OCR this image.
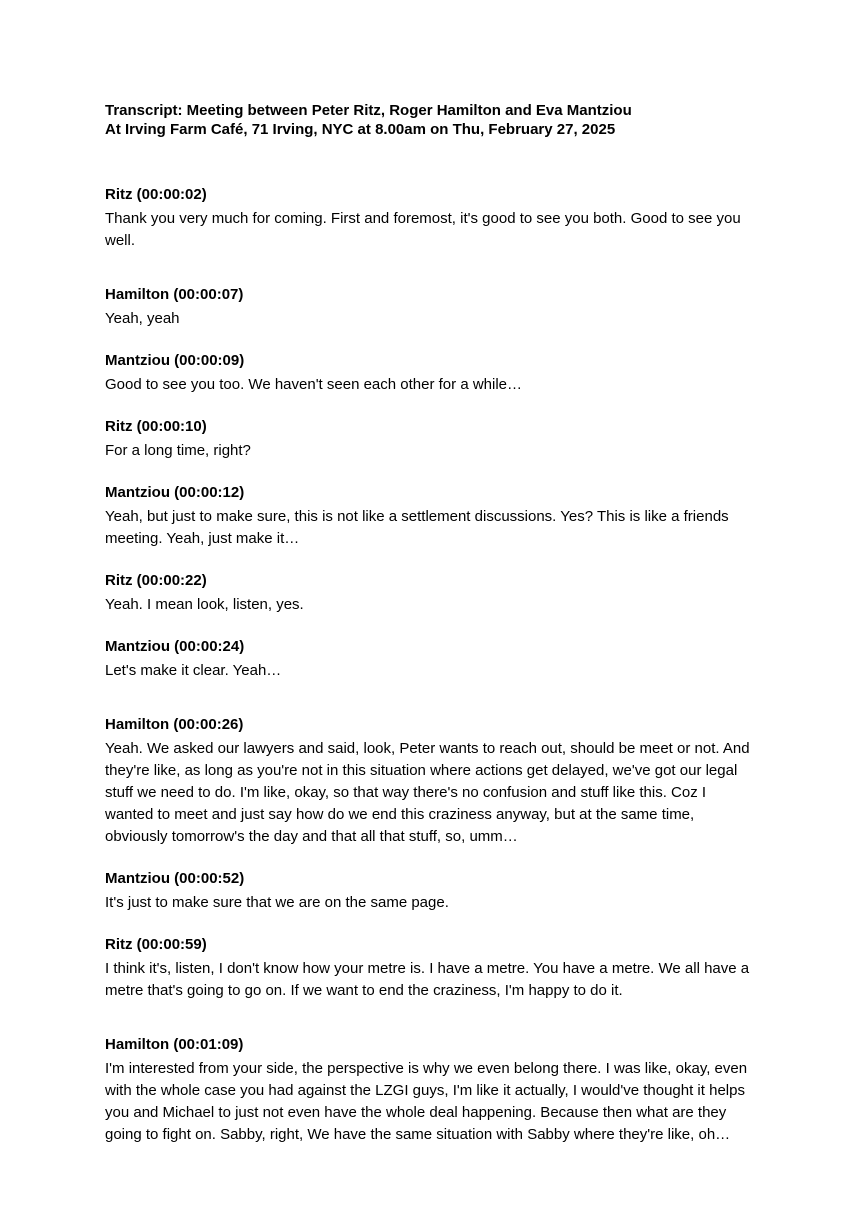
Transcript: Meeting between Peter Ritz, Roger Hamilton and Eva Mantziou
At Irving Farm Café, 71 Irving, NYC at 8.00am on Thu, February 27, 2025

Ritz (00:00:02)

Thank you very much for coming. First and foremost, it's good to see you both. Good to see you well.

Hamilton (00:00:07)

Yeah, yeah

Mantziou (00:00:09)

Good to see you too. We haven't seen each other for a while…

Ritz (00:00:10)

For a long time, right?

Mantziou (00:00:12)

Yeah, but just to make sure, this is not like a settlement discussions. Yes? This is like a friends meeting. Yeah, just make it…

Ritz (00:00:22)

Yeah. I mean look, listen, yes.

Mantziou (00:00:24)

Let's make it clear. Yeah…

Hamilton (00:00:26)

Yeah. We asked our lawyers and said, look, Peter wants to reach out, should be meet or not. And they're like, as long as you're not in this situation where actions get delayed, we've got our legal stuff we need to do. I'm like, okay, so that way there's no confusion and stuff like this. Coz I wanted to meet and just say how do we end this craziness anyway, but at the same time, obviously tomorrow's the day and that all that stuff, so, umm…

Mantziou (00:00:52)

It's just to make sure that we are on the same page.

Ritz (00:00:59)

I think it's, listen, I don't know how your metre is. I have a metre. You have a metre. We all have a metre that's going to go on. If we want to end the craziness, I'm happy to do it.

Hamilton (00:01:09)

I'm interested from your side, the perspective is why we even belong there. I was like, okay, even with the whole case you had against the LZGI guys, I'm like it actually, I would've thought it helps you and Michael to just not even have the whole deal happening. Because then what are they going to fight on. Sabby, right, We have the same situation with Sabby where they're like, oh…
